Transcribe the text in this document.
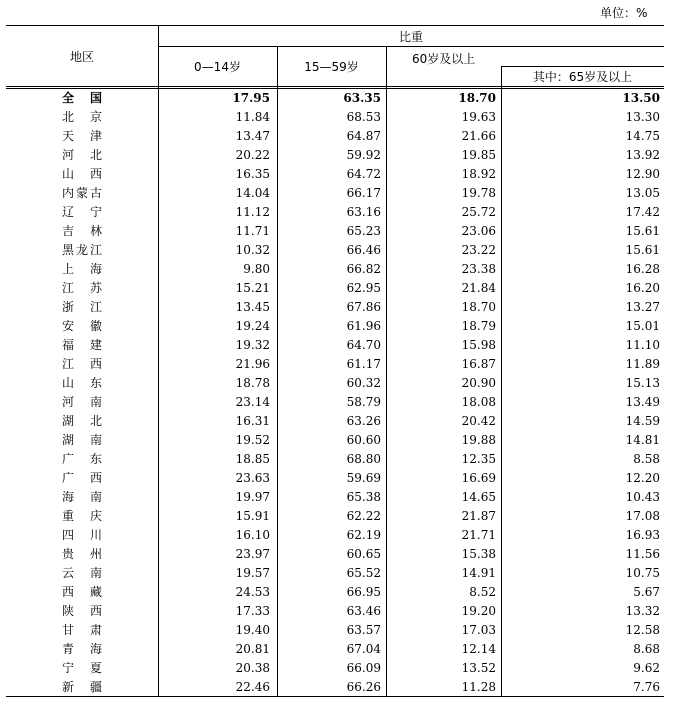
单位：%
地区
比重
0—14岁	15—59岁
60岁及以上
其中：65岁及以上
全国	17.95	63.35	18.70	13.50
北京	11.84	68.53	19.63	13.30
天津	13.47	64.87	21.66	14.75
河北	20.22	59.92	19.85	13.92
山西	16.35	64.72	18.92	12.90
内蒙古	14.04	66.17	19.78	13.05
辽宁	11.12	63.16	25.72	17.42
吉林	11.71	65.23	23.06	15.61
黑龙江	10.32	66.46	23.22	15.61
上海	9.80	66.82	23.38	16.28
江苏	15.21	62.95	21.84	16.20
浙江	13.45	67.86	18.70	13.27
安徽	19.24	61.96	18.79	15.01
福建	19.32	64.70	15.98	11.10
江西	21.96	61.17	16.87	11.89
山东	18.78	60.32	20.90	15.13
河南	23.14	58.79	18.08	13.49
湖北	16.31	63.26	20.42	14.59
湖南	19.52	60.60	19.88	14.81
广东	18.85	68.80	12.35	8.58
广西	23.63	59.69	16.69	12.20
海南	19.97	65.38	14.65	10.43
重庆	15.91	62.22	21.87	17.08
四川	16.10	62.19	21.71	16.93
贵州	23.97	60.65	15.38	11.56
云南	19.57	65.52	14.91	10.75
西藏	24.53	66.95	8.52	5.67
陕西	17.33	63.46	19.20	13.32
甘肃	19.40	63.57	17.03	12.58
青海	20.81	67.04	12.14	8.68
宁夏	20.38	66.09	13.52	9.62
新疆	22.46	66.26	11.28	7.76
